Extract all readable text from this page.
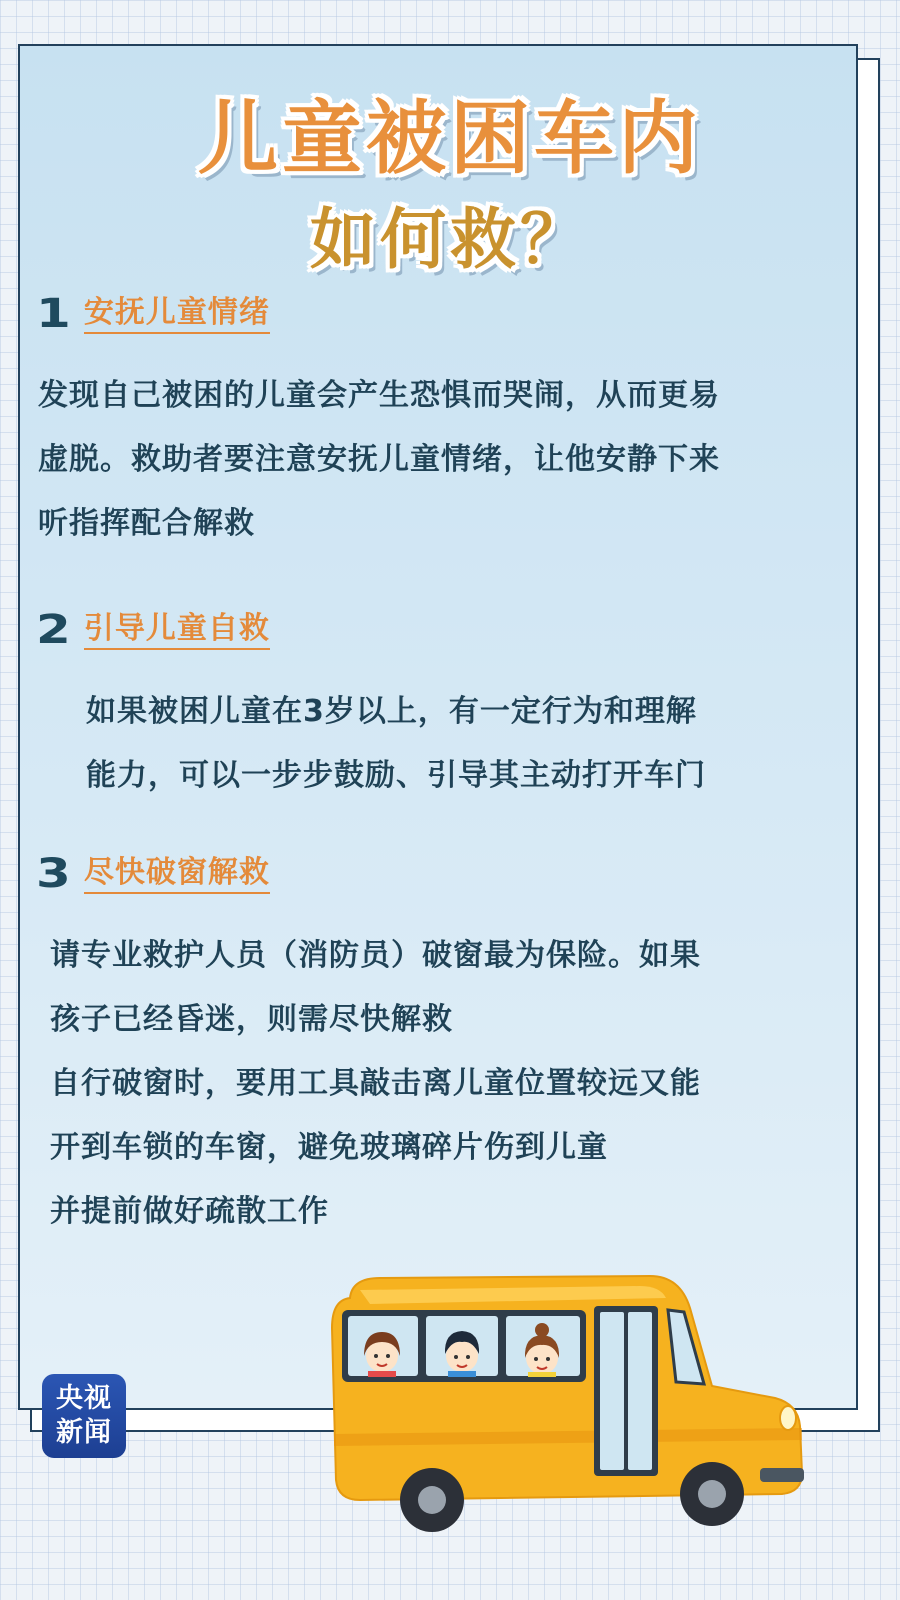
儿童被困车内
如何救？
1 安抚儿童情绪
发现自己被困的儿童会产生恐惧而哭闹，从而更易
虚脱。救助者要注意安抚儿童情绪，让他安静下来
听指挥配合解救
2 引导儿童自救
如果被困儿童在3岁以上，有一定行为和理解
能力，可以一步步鼓励、引导其主动打开车门
3 尽快破窗解救
请专业救护人员（消防员）破窗最为保险。如果
孩子已经昏迷，则需尽快解救
自行破窗时，要用工具敲击离儿童位置较远又能
开到车锁的车窗，避免玻璃碎片伤到儿童
并提前做好疏散工作
央视
新闻
